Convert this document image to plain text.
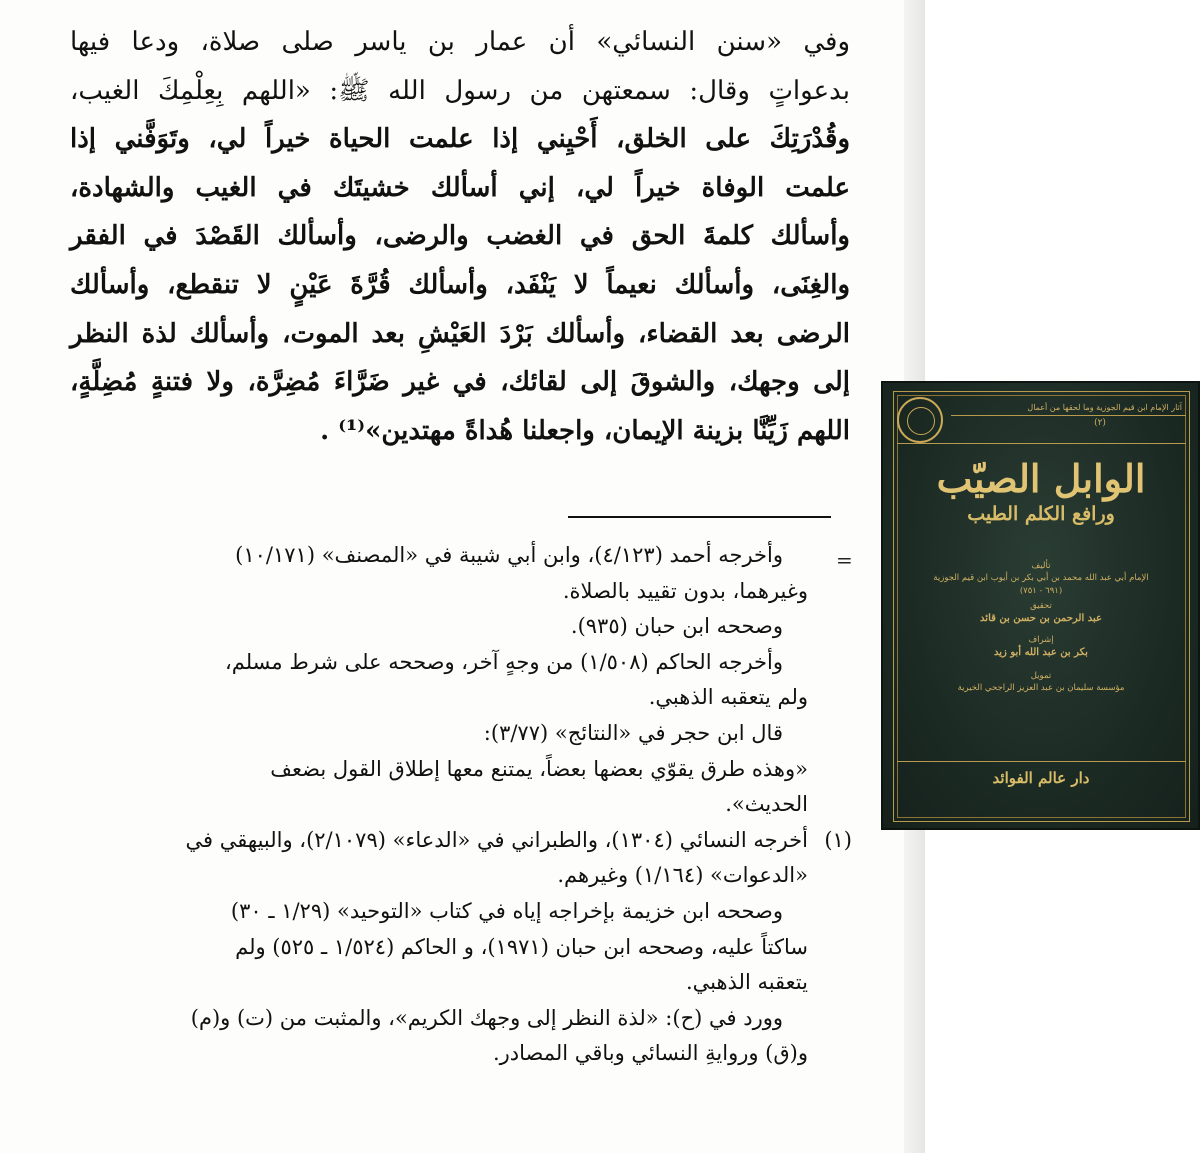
وفي «سنن النسائي» أن عمار بن ياسر صلى صلاة، ودعا فيها
بدعواتٍ وقال: سمعتهن من رسول الله ﷺ: «اللهم بِعِلْمِكَ الغيب،
وقُدْرَتِكَ على الخلق، أَحْيِني إذا علمت الحياة خيراً لي، وتَوَفَّني إذا
علمت الوفاة خيراً لي، إني أسألك خشيتَك في الغيب والشهادة،
وأسألك كلمةَ الحق في الغضب والرضى، وأسألك القَصْدَ في الفقر
والغِنَى، وأسألك نعيماً لا يَنْفَد، وأسألك قُرَّةَ عَيْنٍ لا تنقطع، وأسألك
الرضى بعد القضاء، وأسألك بَرْدَ العَيْشِ بعد الموت، وأسألك لذة النظر
إلى وجهك، والشوقَ إلى لقائك، في غير ضَرَّاءَ مُضِرَّة، ولا فتنةٍ مُضِلَّةٍ،
اللهم زَيِّنَّا بزينة الإيمان، واجعلنا هُداةً مهتدين»⁽¹⁾ .
=
وأخرجه أحمد (٤/١٢٣)، وابن أبي شيبة في «المصنف» (١٠/١٧١)
وغيرهما، بدون تقييد بالصلاة.
وصححه ابن حبان (٩٣٥).
وأخرجه الحاكم (١/٥٠٨) من وجهٍ آخر، وصححه على شرط مسلم،
ولم يتعقبه الذهبي.
قال ابن حجر في «النتائج» (٣/٧٧):
«وهذه طرق يقوّي بعضها بعضاً، يمتنع معها إطلاق القول بضعف
الحديث».
(١)
أخرجه النسائي (١٣٠٤)، والطبراني في «الدعاء» (٢/١٠٧٩)، والبيهقي في
«الدعوات» (١/١٦٤) وغيرهم.
وصححه ابن خزيمة بإخراجه إياه في كتاب «التوحيد» (١/٢٩ ـ ٣٠)
ساكتاً عليه، وصححه ابن حبان (١٩٧١)، و الحاكم (١/٥٢٤ ـ ٥٢٥) ولم
يتعقبه الذهبي.
وورد في (ح): «لذة النظر إلى وجهك الكريم»، والمثبت من (ت) و(م)
و(ق) وروايةِ النسائي وباقي المصادر.
آثار الإمام ابن قيم الجوزية وما لحقها من أعمال
(٢)
الوابل الصيّب
ورافع الكلم الطيب
تأليف
الإمام أبي عبد الله محمد بن أبي بكر بن أيوب ابن قيم الجوزية
(٦٩١ - ٧٥١)
تحقيق
عبد الرحمن بن حسن بن قائد
إشراف
بكر بن عبد الله أبو زيد
تمويل
مؤسسة سليمان بن عبد العزيز الراجحي الخيرية
دار عالم الفوائد
